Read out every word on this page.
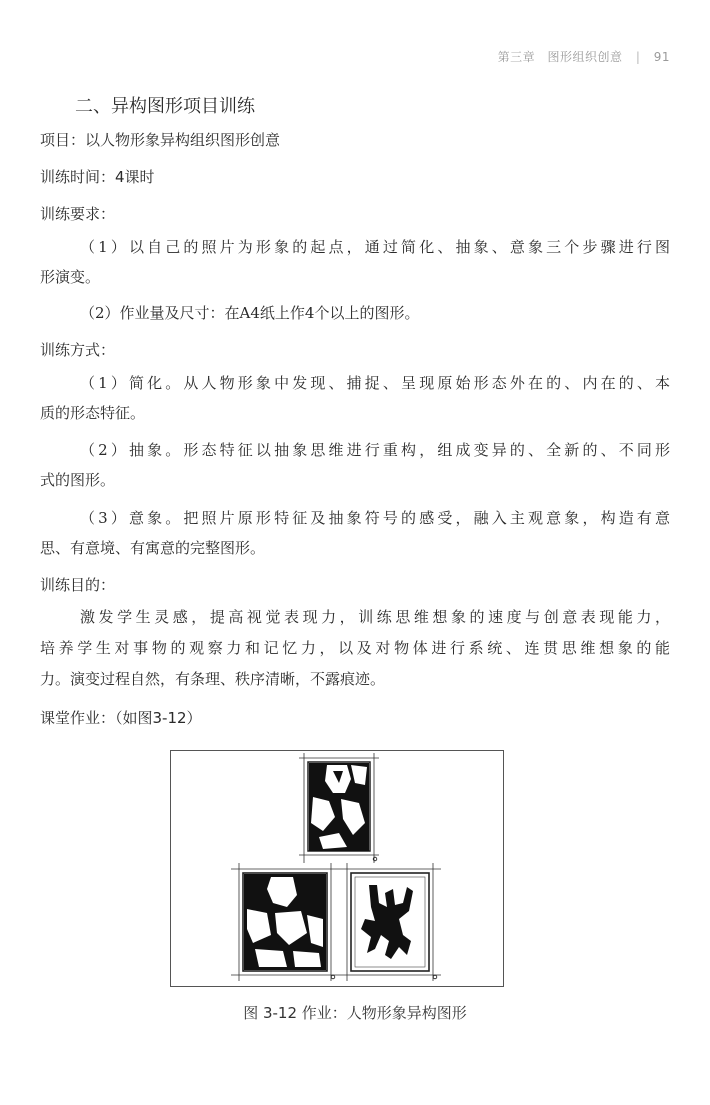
第三章 图形组织创意 | 91
二、异构图形项目训练
项目：以人物形象异构组织图形创意
训练时间：4课时
训练要求：
（1）以自己的照片为形象的起点，通过简化、抽象、意象三个步骤进行图
形演变。
（2）作业量及尺寸：在A4纸上作4个以上的图形。
训练方式：
（1）简化。从人物形象中发现、捕捉、呈现原始形态外在的、内在的、本
质的形态特征。
（2）抽象。形态特征以抽象思维进行重构，组成变异的、全新的、不同形
式的图形。
（3）意象。把照片原形特征及抽象符号的感受，融入主观意象，构造有意
思、有意境、有寓意的完整图形。
训练目的：
激发学生灵感，提高视觉表现力，训练思维想象的速度与创意表现能力，
培养学生对事物的观察力和记忆力，以及对物体进行系统、连贯思维想象的能
力。演变过程自然，有条理、秩序清晰，不露痕迹。
课堂作业：（如图3-12）
图 3-12 作业：人物形象异构图形
